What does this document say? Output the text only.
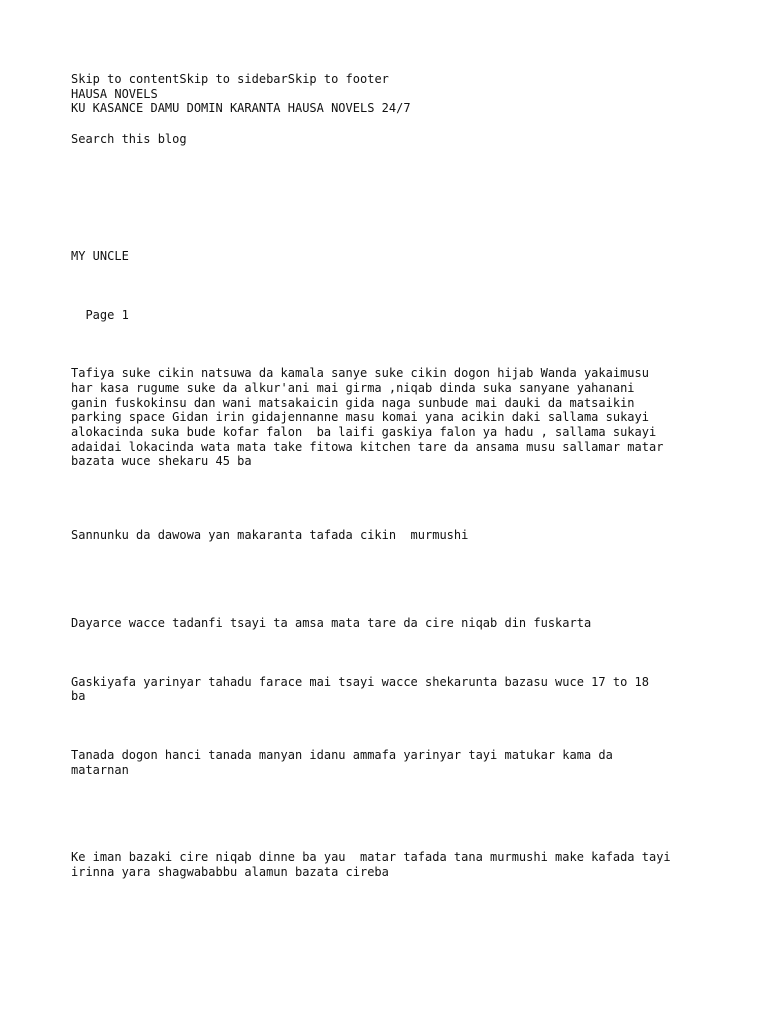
Skip to contentSkip to sidebarSkip to footer
HAUSA NOVELS
KU KASANCE DAMU DOMIN KARANTA HAUSA NOVELS 24/7
Search this blog
MY UNCLE
Page 1
Tafiya suke cikin natsuwa da kamala sanye suke cikin dogon hijab Wanda yakaimusu
har kasa rugume suke da alkur'ani mai girma ,niqab dinda suka sanyane yahanani
ganin fuskokinsu dan wani matsakaicin gida naga sunbude mai dauki da matsaikin
parking space Gidan irin gidajennanne masu komai yana acikin daki sallama sukayi
alokacinda suka bude kofar falon  ba laifi gaskiya falon ya hadu , sallama sukayi
adaidai lokacinda wata mata take fitowa kitchen tare da ansama musu sallamar matar
bazata wuce shekaru 45 ba
Sannunku da dawowa yan makaranta tafada cikin  murmushi
Dayarce wacce tadanfi tsayi ta amsa mata tare da cire niqab din fuskarta
Gaskiyafa yarinyar tahadu farace mai tsayi wacce shekarunta bazasu wuce 17 to 18
ba
Tanada dogon hanci tanada manyan idanu ammafa yarinyar tayi matukar kama da
matarnan
Ke iman bazaki cire niqab dinne ba yau  matar tafada tana murmushi make kafada tayi
irinna yara shagwababbu alamun bazata cireba
